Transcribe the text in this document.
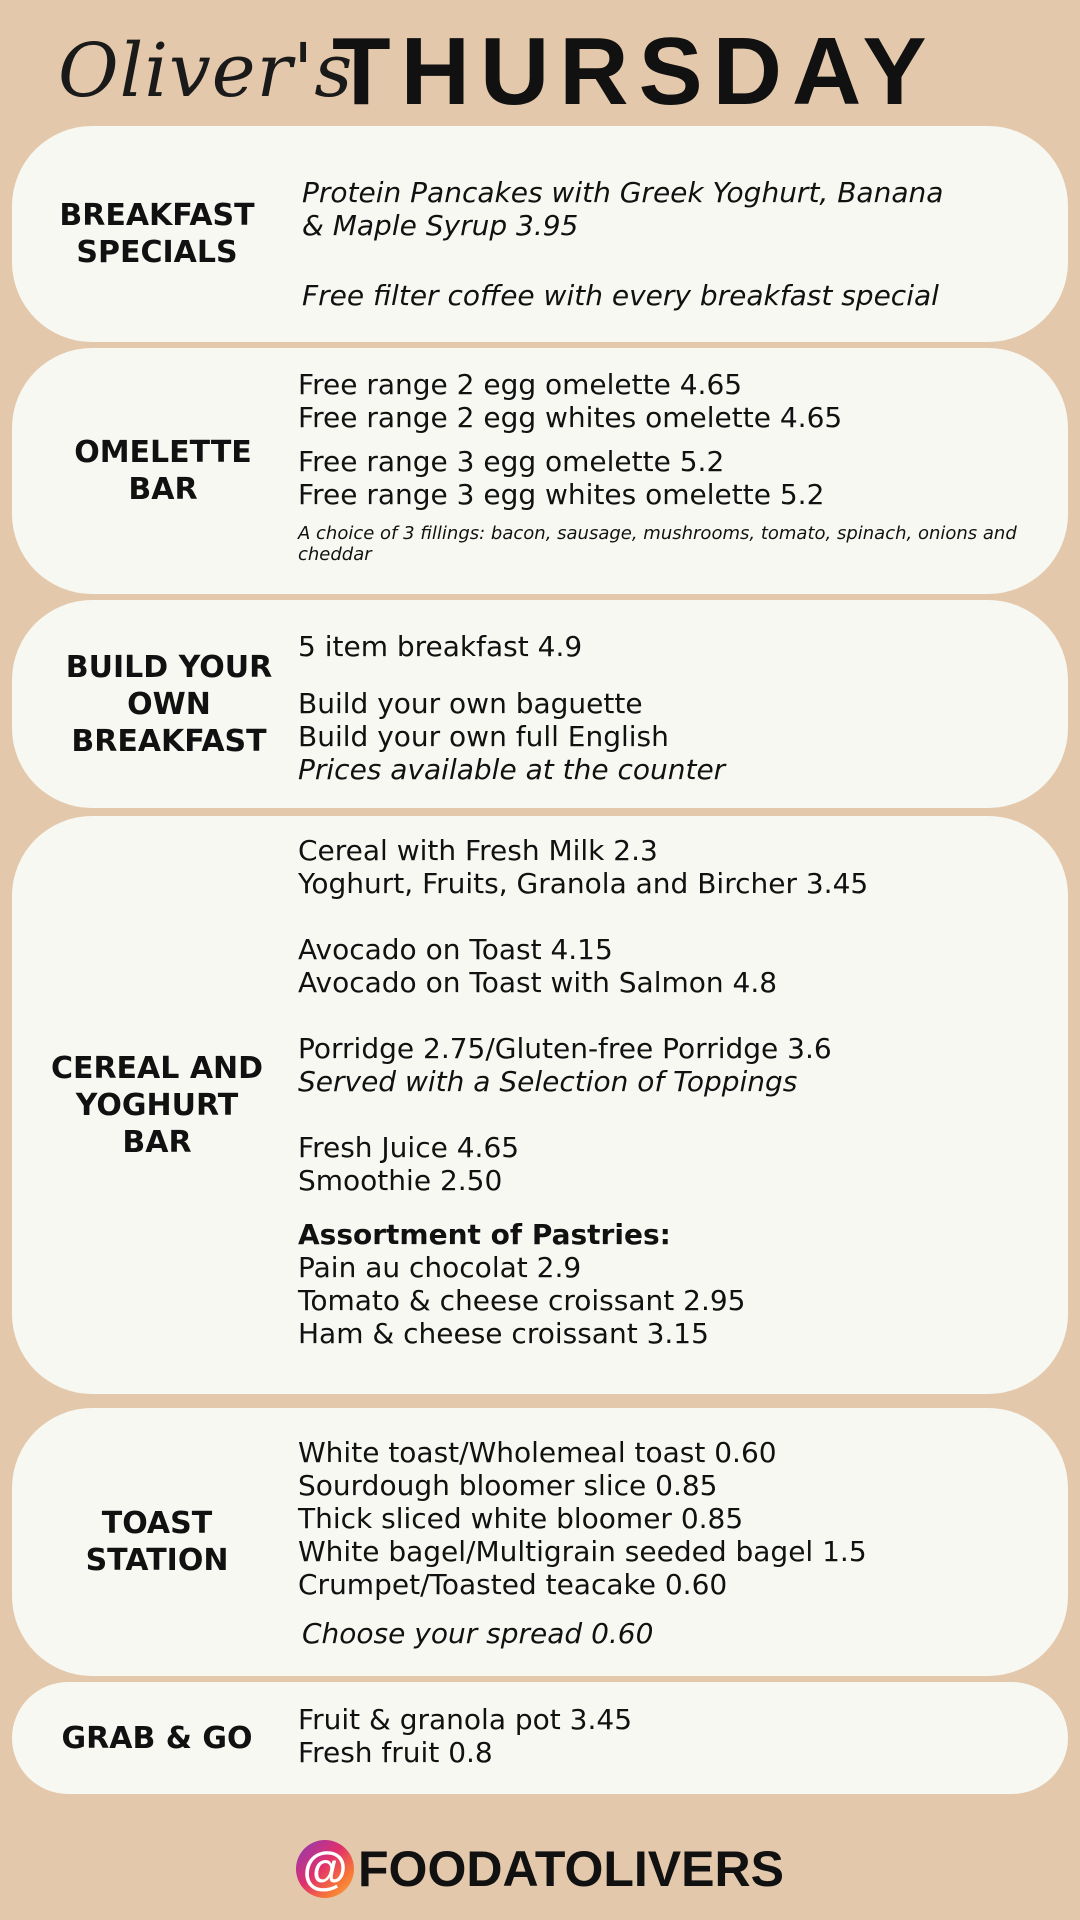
Oliver's
THURSDAY
BREAKFAST
SPECIALS
Protein Pancakes with Greek Yoghurt, Banana
& Maple Syrup 3.95
Free filter coffee with every breakfast special
OMELETTE
BAR
Free range 2 egg omelette 4.65
Free range 2 egg whites omelette 4.65
Free range 3 egg omelette 5.2
Free range 3 egg whites omelette 5.2
A choice of 3 fillings: bacon, sausage, mushrooms, tomato, spinach, onions and cheddar
BUILD YOUR
OWN
BREAKFAST
5 item breakfast 4.9
Build your own baguette
Build your own full English
Prices available at the counter
CEREAL AND
YOGHURT
BAR
Cereal with Fresh Milk 2.3
Yoghurt, Fruits, Granola and Bircher 3.45
Avocado on Toast 4.15
Avocado on Toast with Salmon 4.8
Porridge 2.75/Gluten-free Porridge 3.6
Served with a Selection of Toppings
Fresh Juice 4.65
Smoothie 2.50
Assortment of Pastries:
Pain au chocolat 2.9
Tomato & cheese croissant 2.95
Ham & cheese croissant 3.15
TOAST
STATION
White toast/Wholemeal toast 0.60
Sourdough bloomer slice 0.85
Thick sliced white bloomer 0.85
White bagel/Multigrain seeded bagel 1.5
Crumpet/Toasted teacake 0.60
Choose your spread 0.60
GRAB & GO
Fruit & granola pot 3.45
Fresh fruit 0.8
@ FOODATOLIVERS
